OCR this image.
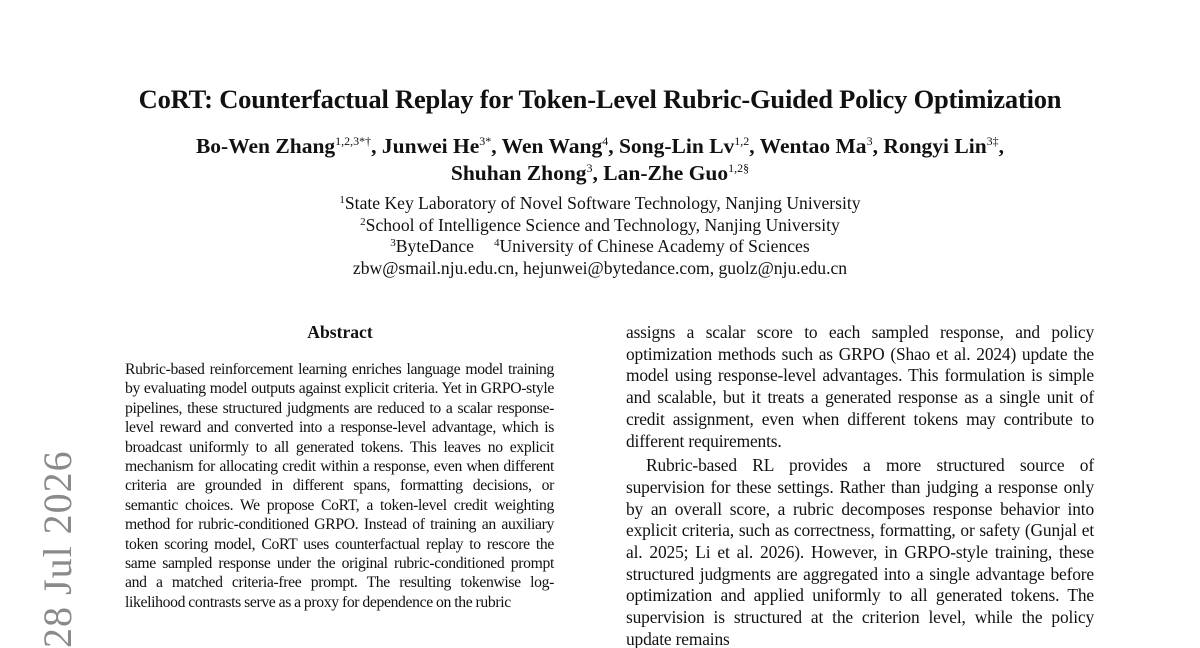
CoRT: Counterfactual Replay for Token-Level Rubric-Guided Policy Optimization
Bo-Wen Zhang$^{1,2,3*\dagger}$, Junwei $He^{3*}$, Wen Wang$^4$, Song-Lin Lv$^{1,2}$, Wentao Ma$^3$, Rongyi Lin$^{3\ddagger}$,
Shuhan Zhong$^3$, Lan-Zhe Guo$^{1,2\S}$
$^1$State Key Laboratory of Novel Software Technology, Nanjing University
$^2$School of Intelligence Science and Technology, Nanjing University
$^3$ByteDance $^4$University of Chinese Academy of Sciences
zbw@smail.nju.edu.cn, hejunwei@bytedance.com, guolz@nju.edu.cn
Abstract
Rubric-based reinforcement learning enriches language model training by evaluating model outputs against explicit criteria. Yet in GRPO-style pipelines, these structured judgments are reduced to a scalar response-level reward and converted into a response-level advantage, which is broadcast uniformly to all generated tokens. This leaves no explicit mechanism for allocating credit within a response, even when different criteria are grounded in different spans, formatting decisions, or semantic choices. We propose CoRT, a token-level credit weighting method for rubric-conditioned GRPO. Instead of training an auxiliary token scoring model, CoRT uses counterfactual replay to rescore the same sampled response under the original rubric-conditioned prompt and a matched criteria-free prompt. The resulting tokenwise log-likelihood contrasts serve as a proxy for dependence on the rubric

assigns a scalar score to each sampled response, and policy optimization methods such as GRPO (Shao et al. 2024) update the model using response-level advantages. This formulation is simple and scalable, but it treats a generated response as a single unit of credit assignment, even when different tokens may contribute to different requirements.

Rubric-based RL provides a more structured source of supervision for these settings. Rather than judging a response only by an overall score, a rubric decomposes response behavior into explicit criteria, such as correctness, formatting, or safety (Gunjal et al. 2025; Li et al. 2026). However, in GRPO-style training, these structured judgments are aggregated into a single advantage before optimization and applied uniformly to all generated tokens. The supervision is structured at the criterion level, while the policy update remains

28 Jul 2026
